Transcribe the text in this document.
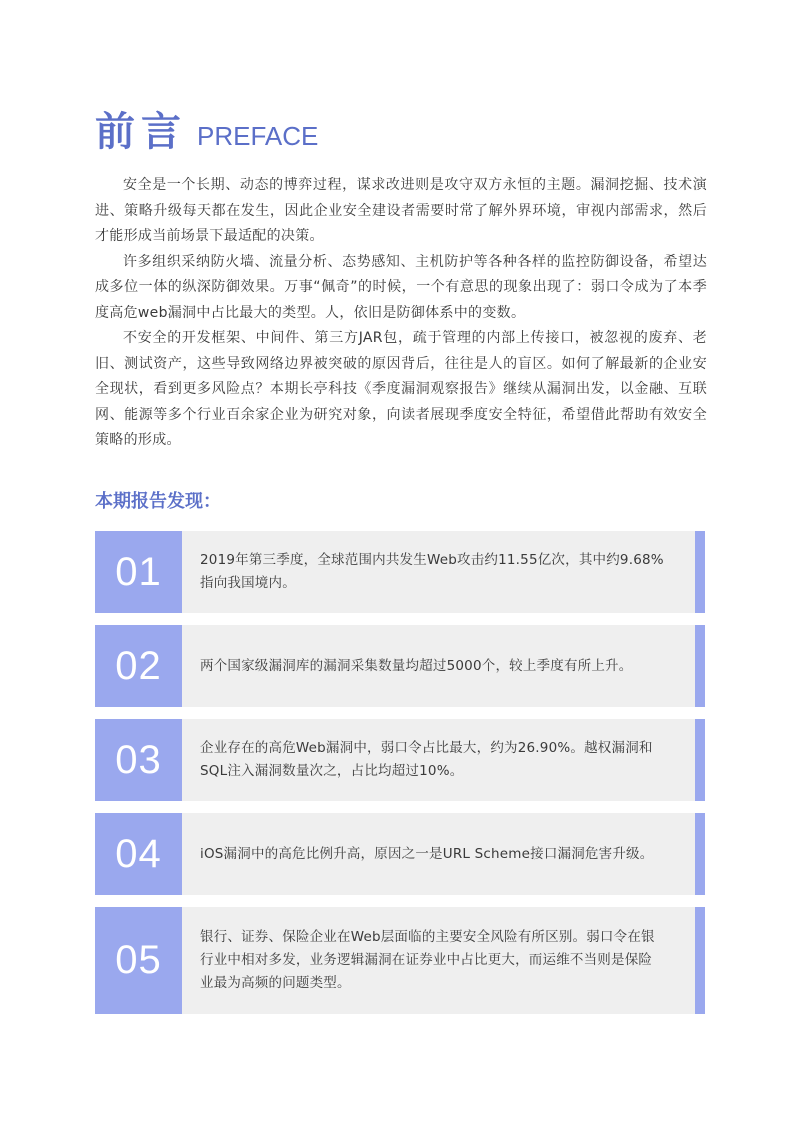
前言 PREFACE

安全是一个长期、动态的博弈过程，谋求改进则是攻守双方永恒的主题。漏洞挖掘、技术演进、策略升级每天都在发生，因此企业安全建设者需要时常了解外界环境，审视内部需求，然后才能形成当前场景下最适配的决策。

许多组织采纳防火墙、流量分析、态势感知、主机防护等各种各样的监控防御设备，希望达成多位一体的纵深防御效果。万事“佩奇”的时候，一个有意思的现象出现了：弱口令成为了本季度高危web漏洞中占比最大的类型。人，依旧是防御体系中的变数。

不安全的开发框架、中间件、第三方JAR包，疏于管理的内部上传接口，被忽视的废弃、老旧、测试资产，这些导致网络边界被突破的原因背后，往往是人的盲区。如何了解最新的企业安全现状，看到更多风险点？本期长亭科技《季度漏洞观察报告》继续从漏洞出发，以金融、互联网、能源等多个行业百余家企业为研究对象，向读者展现季度安全特征，希望借此帮助有效安全策略的形成。

本期报告发现：
01	2019年第三季度，全球范围内共发生Web攻击约11.55亿次，其中约9.68%指向我国境内。
02	两个国家级漏洞库的漏洞采集数量均超过5000个，较上季度有所上升。
03	企业存在的高危Web漏洞中，弱口令占比最大，约为26.90%。越权漏洞和SQL注入漏洞数量次之，占比均超过10%。
04	iOS漏洞中的高危比例升高，原因之一是URL Scheme接口漏洞危害升级。
05
银行、证券、保险企业在Web层面临的主要安全风险有所区别。弱口令在银行业中相对多发，业务逻辑漏洞在证券业中占比更大，而运维不当则是保险业最为高频的问题类型。
